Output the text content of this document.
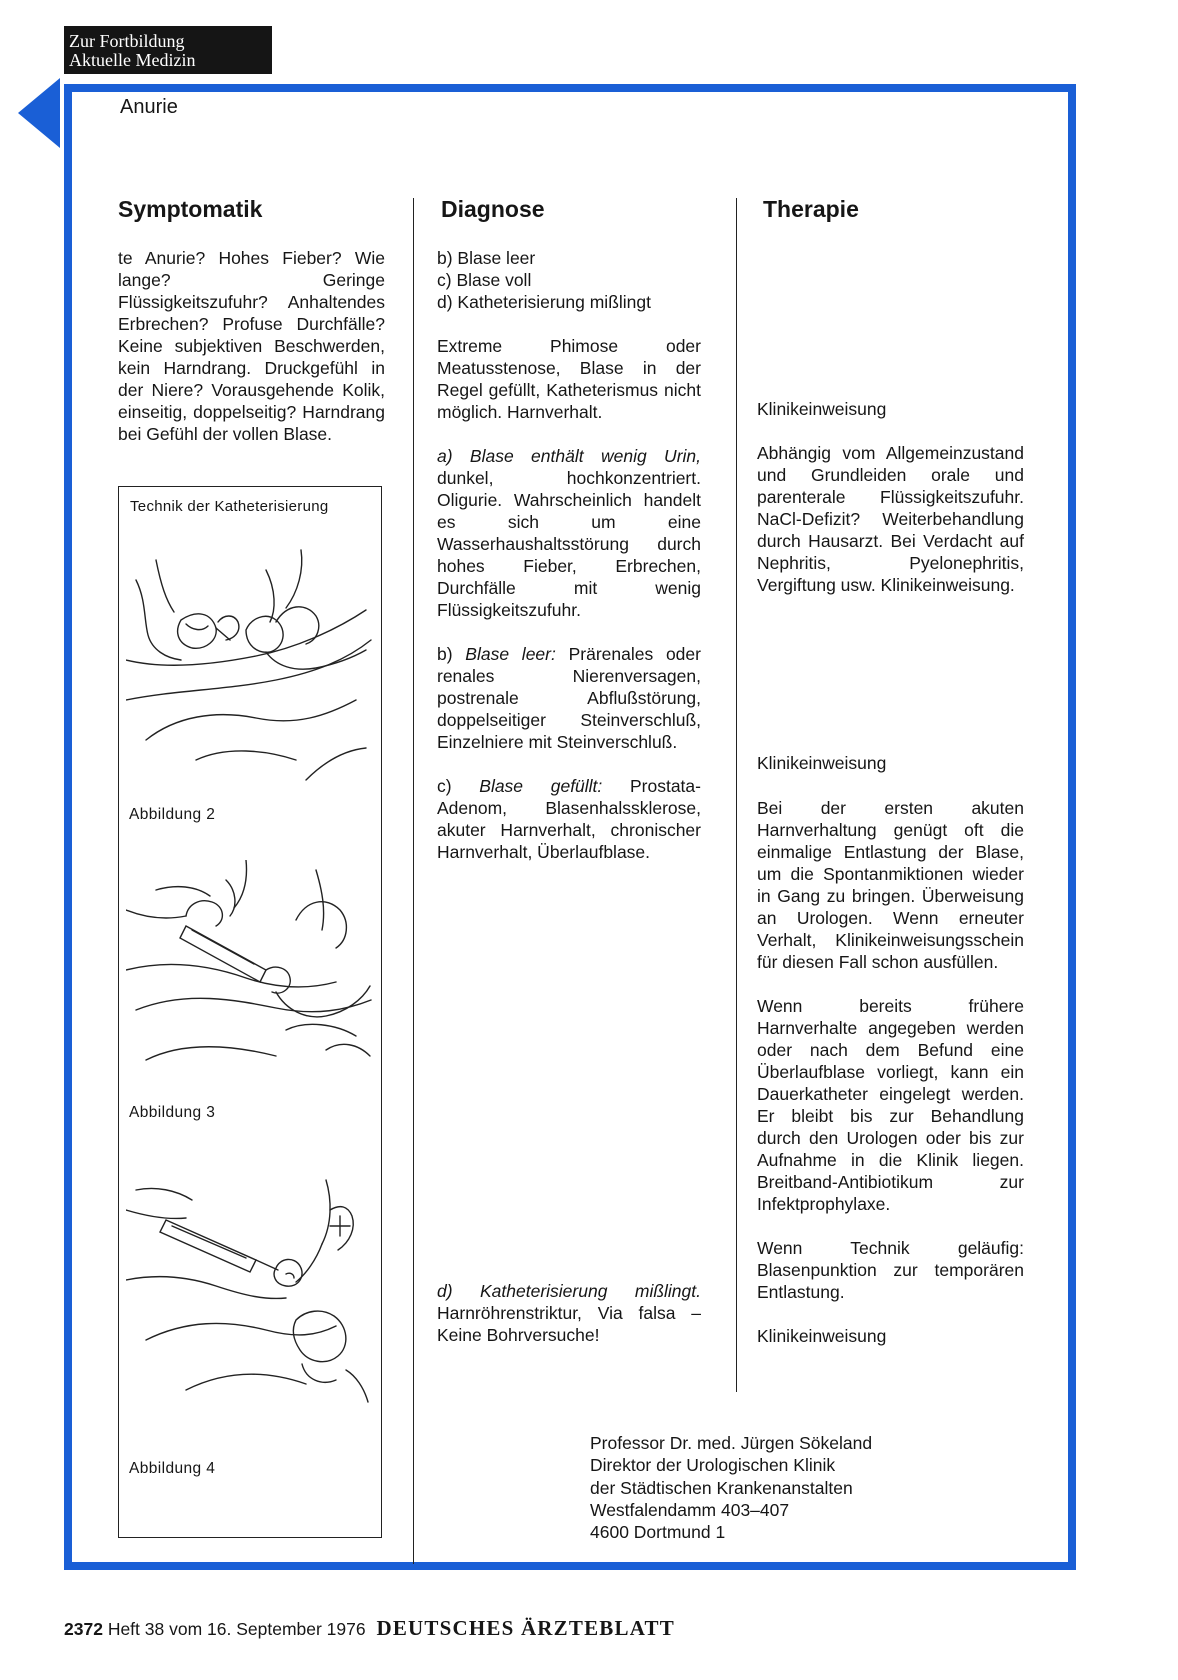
Zur Fortbildung
Aktuelle Medizin
Anurie
Symptomatik	Diagnose	Therapie

te Anurie? Hohes Fieber? Wie lange? Geringe Flüssigkeitszufuhr? Anhaltendes Erbrechen? Profuse Durchfälle? Keine subjektiven Beschwerden, kein Harndrang. Druckgefühl in der Niere? Vorausgehende Kolik, einseitig, doppelseitig? Harndrang bei Gefühl der vollen Blase.

Technik der Katheterisierung
Abbildung 2
Abbildung 3
Abbildung 4
b) Blase leer
c) Blase voll
d) Katheterisierung mißlingt

Extreme Phimose oder Meatusstenose, Blase in der Regel gefüllt, Katheterismus nicht möglich. Harnverhalt.

a) Blase enthält wenig Urin, dunkel, hochkonzentriert. Oligurie. Wahrscheinlich handelt es sich um eine Wasserhaushaltsstörung durch hohes Fieber, Erbrechen, Durchfälle mit wenig Flüssigkeitszufuhr.

b) Blase leer: Prärenales oder renales Nierenversagen, postrenale Abflußstörung, doppelseitiger Steinverschluß, Einzelniere mit Steinverschluß.

c) Blase gefüllt: Prostata-Adenom, Blasenhalssklerose, akuter Harnverhalt, chronischer Harnverhalt, Überlaufblase.

d) Katheterisierung mißlingt. Harnröhrenstriktur, Via falsa – Keine Bohrversuche!
Klinikeinweisung
Abhängig vom Allgemeinzustand und Grundleiden orale und parenterale Flüssigkeitszufuhr. NaCl-Defizit? Weiterbehandlung durch Hausarzt. Bei Verdacht auf Nephritis, Pyelonephritis, Vergiftung usw. Klinikeinweisung.
Klinikeinweisung

Bei der ersten akuten Harnverhaltung genügt oft die einmalige Entlastung der Blase, um die Spontanmiktionen wieder in Gang zu bringen. Überweisung an Urologen. Wenn erneuter Verhalt, Klinikeinweisungsschein für diesen Fall schon ausfüllen.

Wenn bereits frühere Harnverhalte angegeben werden oder nach dem Befund eine Überlaufblase vorliegt, kann ein Dauerkatheter eingelegt werden. Er bleibt bis zur Behandlung durch den Urologen oder bis zur Aufnahme in die Klinik liegen. Breitband-Antibiotikum zur Infektprophylaxe.

Wenn Technik geläufig: Blasenpunktion zur temporären Entlastung.

Klinikeinweisung

Professor Dr. med. Jürgen Sökeland
Direktor der Urologischen Klinik
der Städtischen Krankenanstalten
Westfalendamm 403–407
4600 Dortmund 1
2372 Heft 38 vom 16. September 1976 DEUTSCHES ÄRZTEBLATT
